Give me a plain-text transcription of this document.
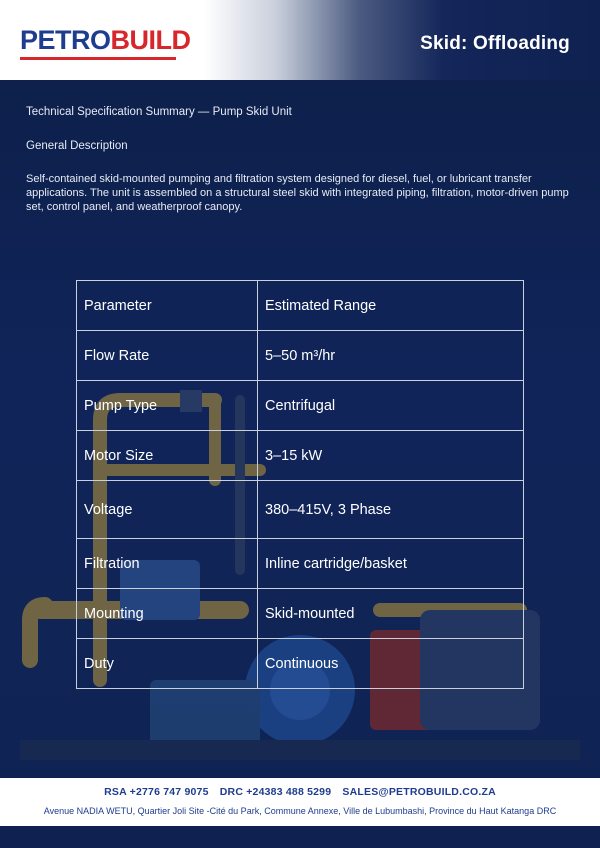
PETROBUILD	Skid: Offloading
Technical Specification Summary — Pump Skid Unit
General Description
Self-contained skid-mounted pumping and filtration system designed for diesel, fuel, or lubricant transfer applications. The unit is assembled on a structural steel skid with integrated piping, filtration, motor-driven pump set, control panel, and weatherproof canopy.
Parameter	Estimated Range
Flow Rate	5–50 m³/hr
Pump Type	Centrifugal
Motor Size	3–15 kW
Voltage	380–415V, 3 Phase
Filtration	Inline cartridge/basket
Mounting	Skid-mounted
Duty	Continuous
RSA +2776 747 9075 DRC +24383 488 5299 SALES@PETROBUILD.CO.ZA
Avenue NADIA WETU, Quartier Joli Site -Cité du Park, Commune Annexe, Ville de Lubumbashi, Province du Haut Katanga DRC
